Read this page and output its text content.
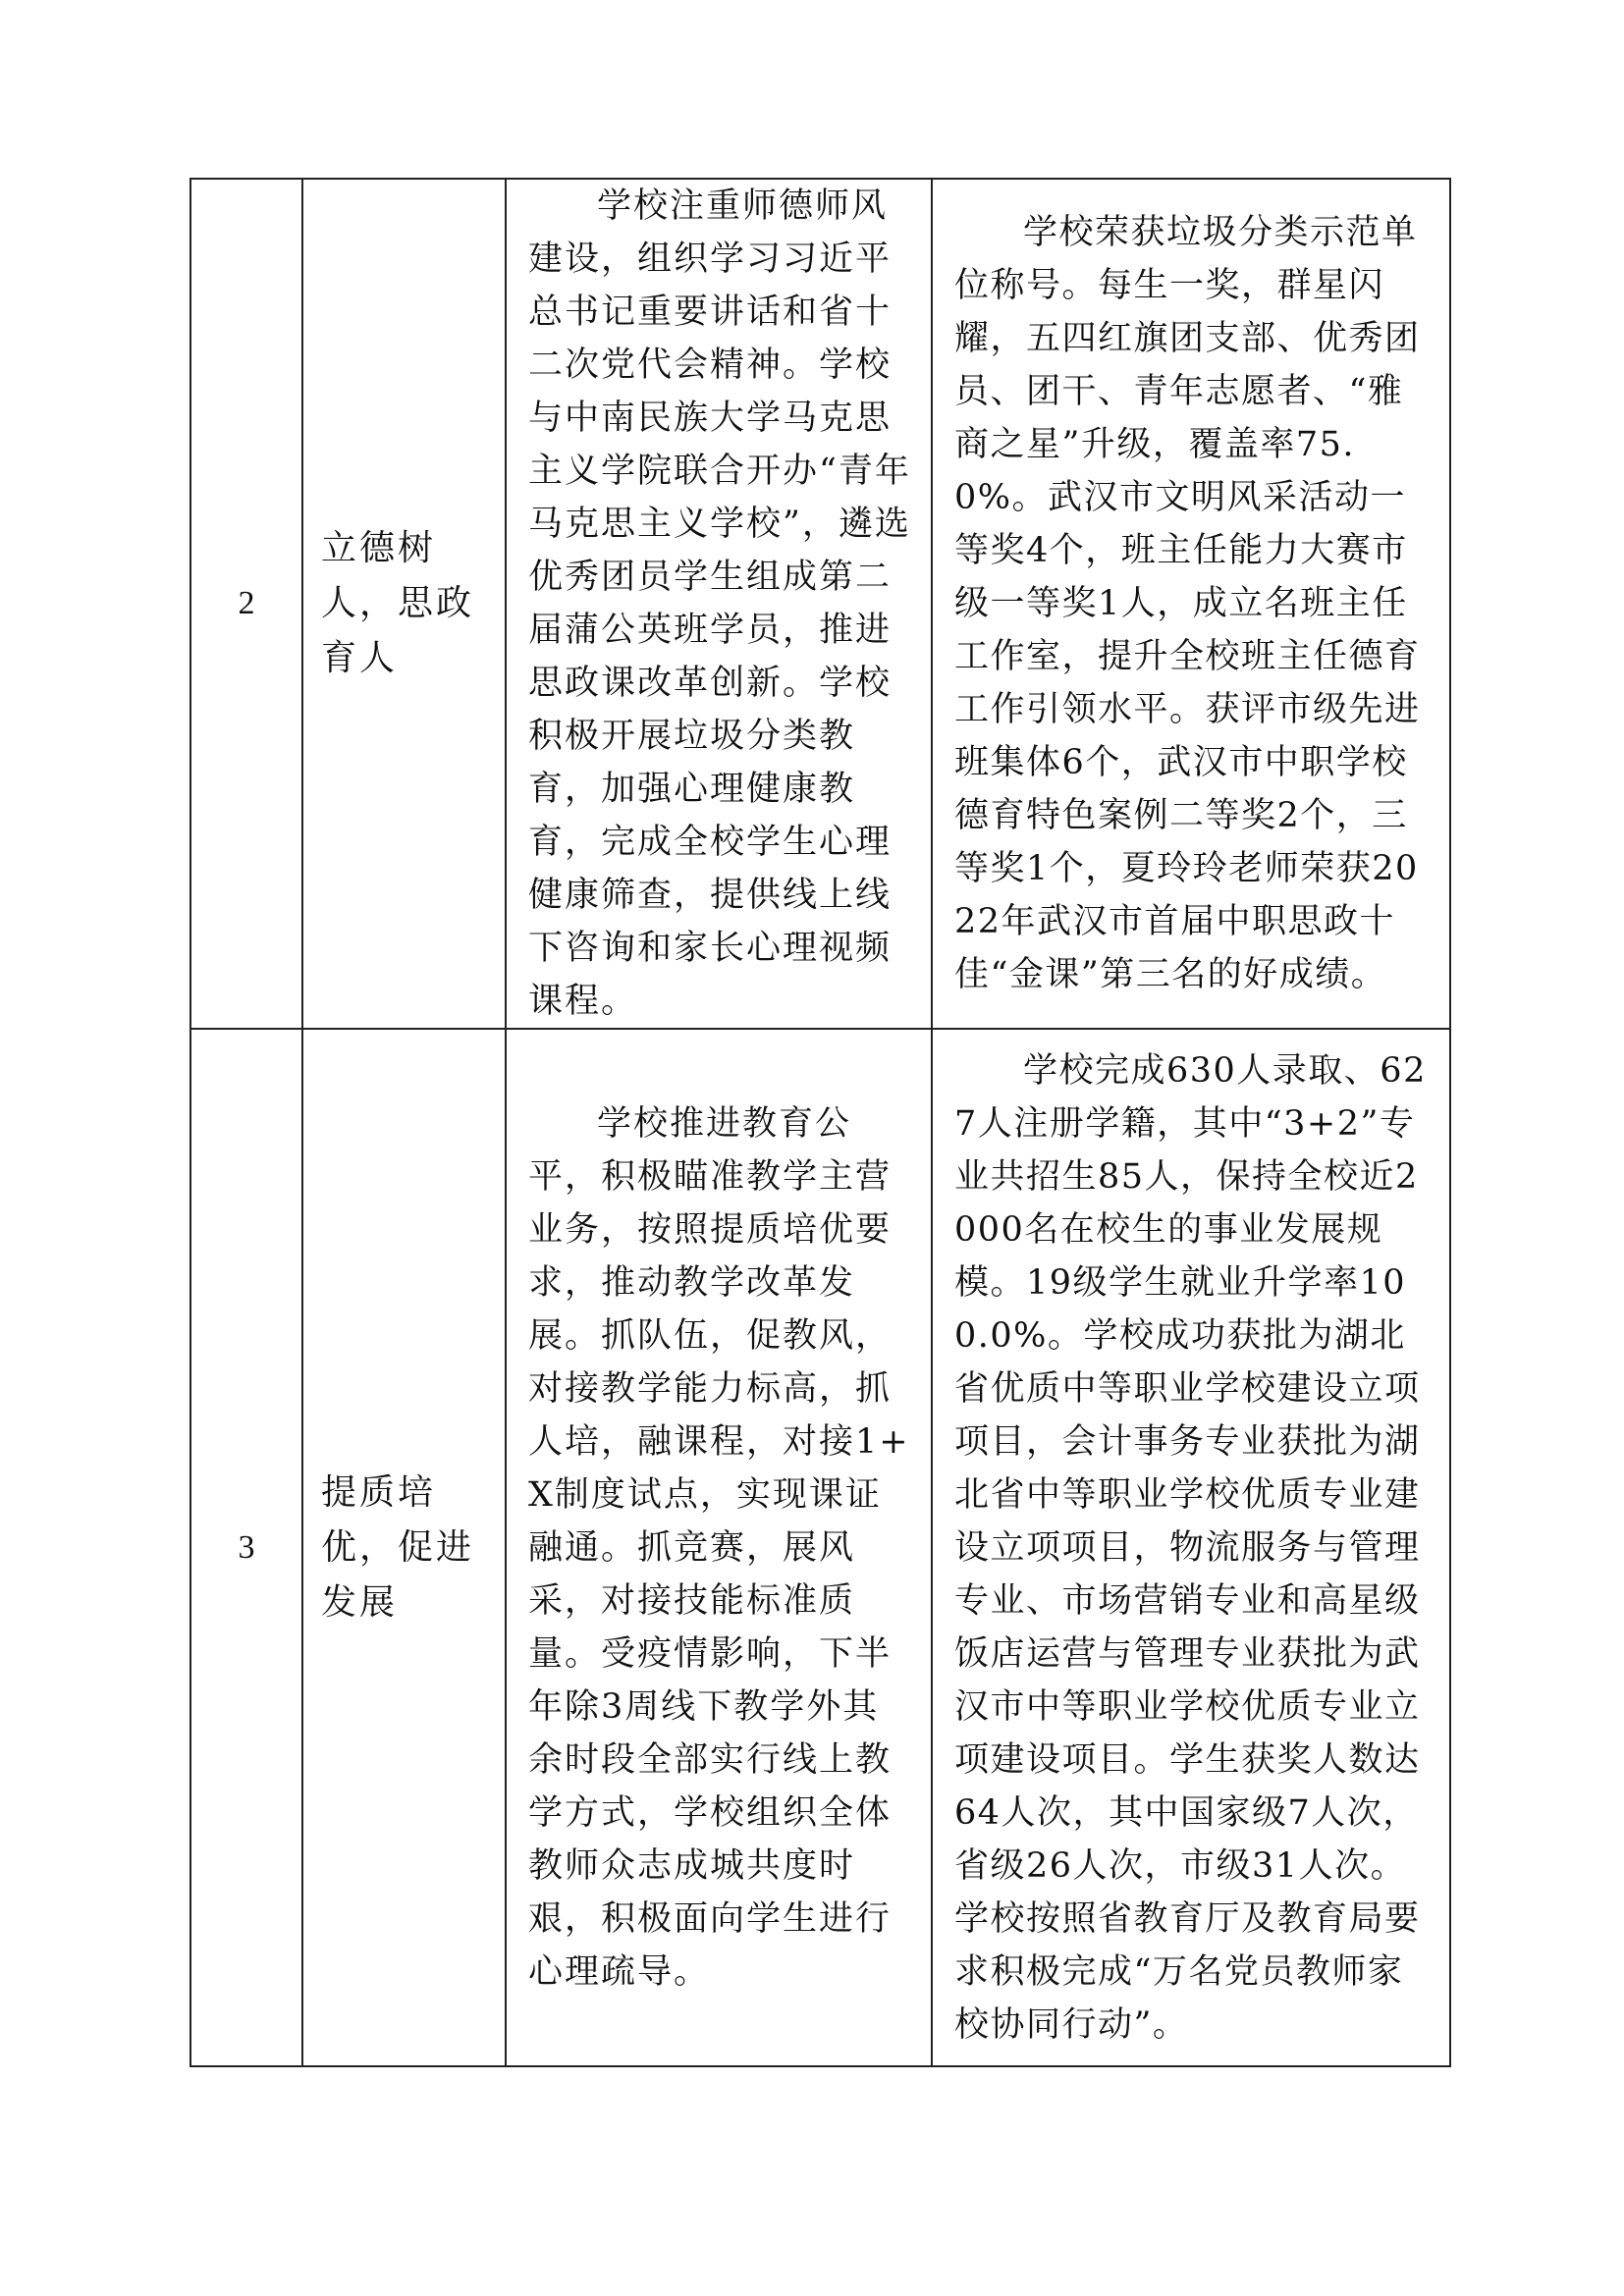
2	立德树人，思政育人	学校注重师德师风建设，组织学习习近平总书记重要讲话和省十二次党代会精神。学校与中南民族大学马克思主义学院联合开办“青年马克思主义学校”，遴选优秀团员学生组成第二届蒲公英班学员，推进思政课改革创新。学校积极开展垃圾分类教育，加强心理健康教育，完成全校学生心理健康筛查，提供线上线下咨询和家长心理视频课程。	学校荣获垃圾分类示范单位称号。每生一奖，群星闪耀，五四红旗团支部、优秀团员、团干、青年志愿者、“雅商之星”升级，覆盖率75.0%。武汉市文明风采活动一等奖4个，班主任能力大赛市级一等奖1人，成立名班主任工作室，提升全校班主任德育工作引领水平。获评市级先进班集体6个，武汉市中职学校德育特色案例二等奖2个，三等奖1个，夏玲玲老师荣获2022年武汉市首届中职思政十佳“金课”第三名的好成绩。

3	提质培优，促进发展	学校推进教育公平，积极瞄准教学主营业务，按照提质培优要求，推动教学改革发展。抓队伍，促教风，对接教学能力标高，抓人培，融课程，对接1+X制度试点，实现课证融通。抓竞赛，展风采，对接技能标准质量。受疫情影响，下半年除3周线下教学外其余时段全部实行线上教学方式，学校组织全体教师众志成城共度时艰，积极面向学生进行心理疏导。	学校完成630人录取、627人注册学籍，其中“3+2”专业共招生85人，保持全校近2000名在校生的事业发展规模。19级学生就业升学率100.0%。学校成功获批为湖北省优质中等职业学校建设立项项目，会计事务专业获批为湖北省中等职业学校优质专业建设立项项目，物流服务与管理专业、市场营销专业和高星级饭店运营与管理专业获批为武汉市中等职业学校优质专业立项建设项目。学生获奖人数达64人次，其中国家级7人次，省级26人次，市级31人次。学校按照省教育厅及教育局要求积极完成“万名党员教师家校协同行动”。
